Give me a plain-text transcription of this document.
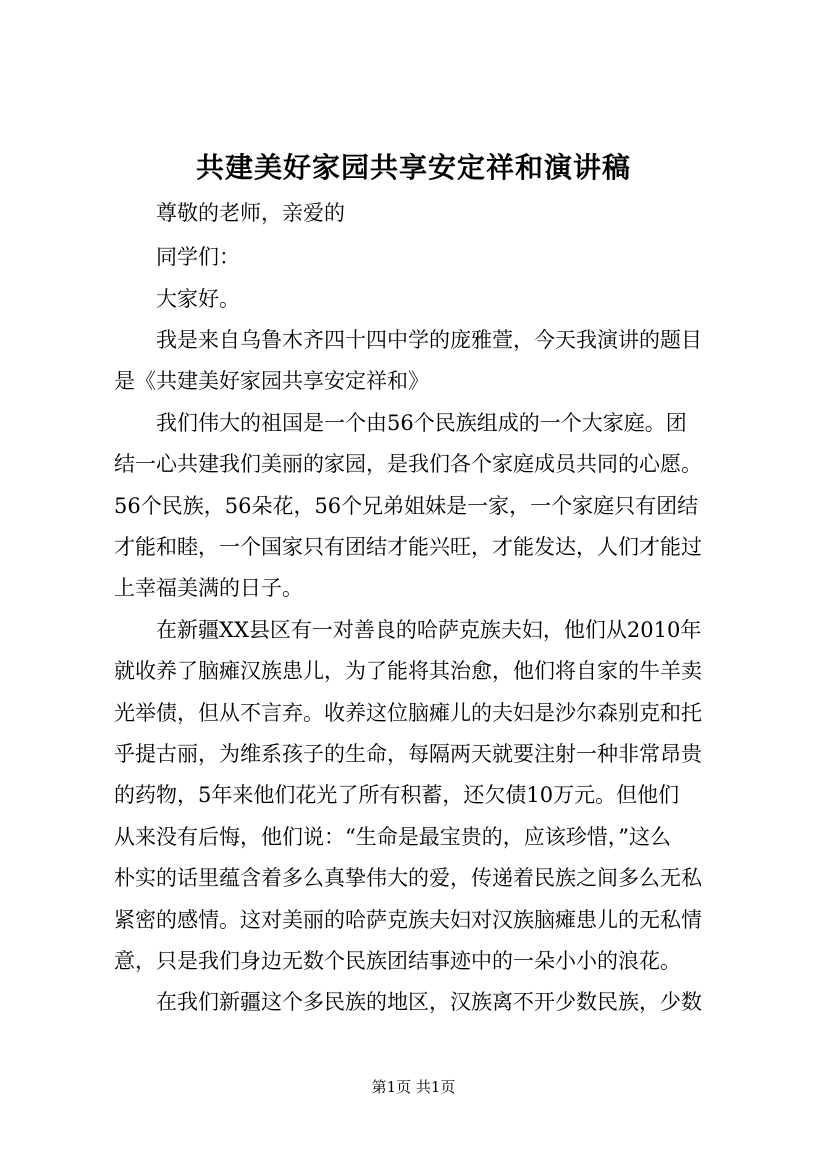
共建美好家园共享安定祥和演讲稿
尊敬的老师，亲爱的
同学们：
大家好。
我是来自乌鲁木齐四十四中学的庞雅萱，今天我演讲的题目
是《共建美好家园共享安定祥和》
我们伟大的祖国是一个由56个民族组成的一个大家庭。团
结一心共建我们美丽的家园，是我们各个家庭成员共同的心愿。
56个民族，56朵花，56个兄弟姐妹是一家，一个家庭只有团结
才能和睦，一个国家只有团结才能兴旺，才能发达，人们才能过
上幸福美满的日子。
在新疆XX县区有一对善良的哈萨克族夫妇，他们从2010年
就收养了脑瘫汉族患儿，为了能将其治愈，他们将自家的牛羊卖
光举债，但从不言弃。收养这位脑瘫儿的夫妇是沙尔森别克和托
乎提古丽，为维系孩子的生命，每隔两天就要注射一种非常昂贵
的药物，5年来他们花光了所有积蓄，还欠债10万元。但他们
从来没有后悔，他们说：“生命是最宝贵的，应该珍惜，”这么
朴实的话里蕴含着多么真挚伟大的爱，传递着民族之间多么无私
紧密的感情。这对美丽的哈萨克族夫妇对汉族脑瘫患儿的无私情
意，只是我们身边无数个民族团结事迹中的一朵小小的浪花。
在我们新疆这个多民族的地区，汉族离不开少数民族，少数
第1页 共1页
